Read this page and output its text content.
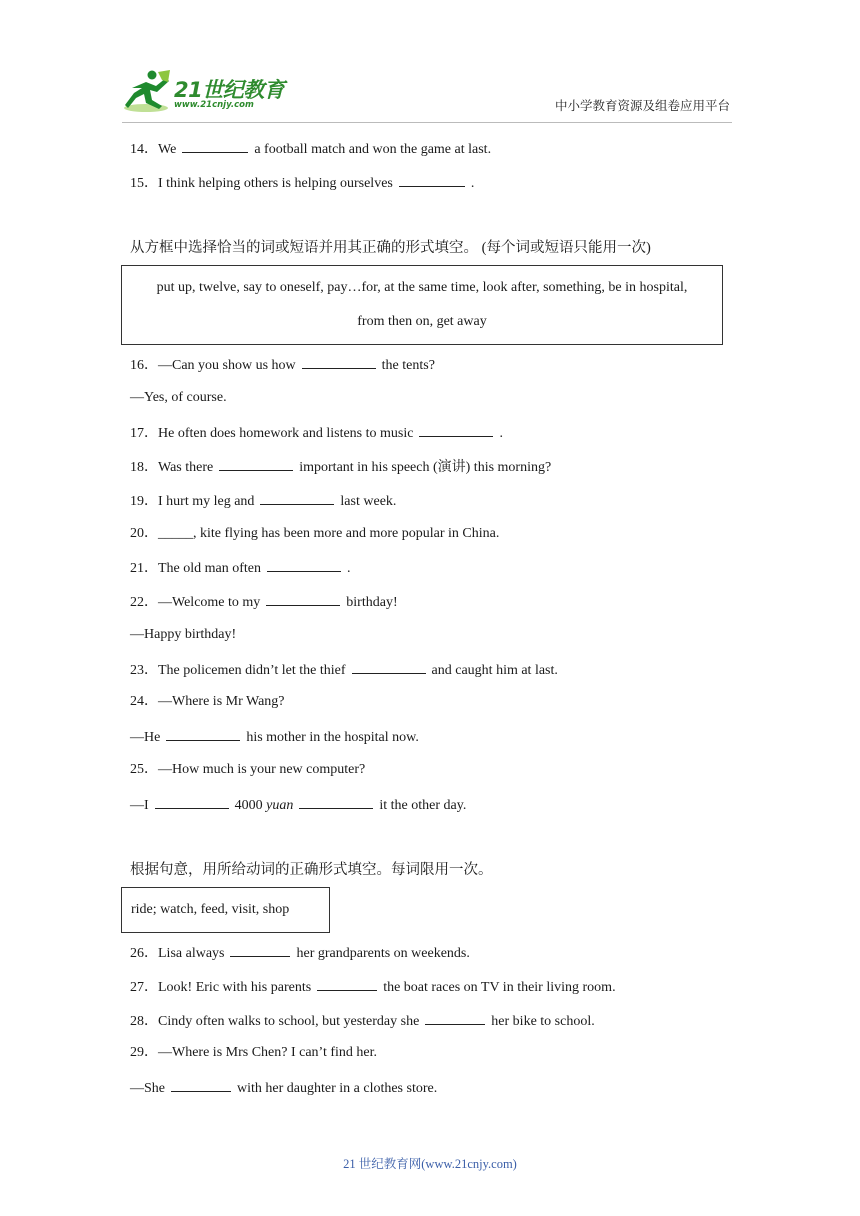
21世纪教育
www.21cnjy.com	中小学教育资源及组卷应用平台
14．We	a football match and won the game at last.
15．I think helping others is helping ourselves	.
从方框中选择恰当的词或短语并用其正确的形式填空。 (每个词或短语只能用一次)
put up, twelve, say to oneself, pay…for, at the same time, look after, something, be in hospital,
from then on, get away
16．—Can you show us how	the tents?
—Yes, of course.
17．He often does homework and listens to music	.
18．Was there	important in his speech (演讲) this morning?
19．I hurt my leg and	last week.
20．_____, kite flying has been more and more popular in China.
21．The old man often	.
22．—Welcome to my	birthday!
—Happy birthday!
23．The policemen didn’t let the thief	and caught him at last.
24．—Where is Mr Wang?
—He	his mother in the hospital now.
25．—How much is your new computer?
—I	4000 yuan	it the other day.
根据句意，用所给动词的正确形式填空。每词限用一次。
ride; watch, feed, visit, shop
26．Lisa always	her grandparents on weekends.
27．Look! Eric with his parents	the boat races on TV in their living room.
28．Cindy often walks to school, but yesterday she	her bike to school.
29．—Where is Mrs Chen? I can’t find her.
—She	with her daughter in a clothes store.
21 世纪教育网(www.21cnjy.com)
